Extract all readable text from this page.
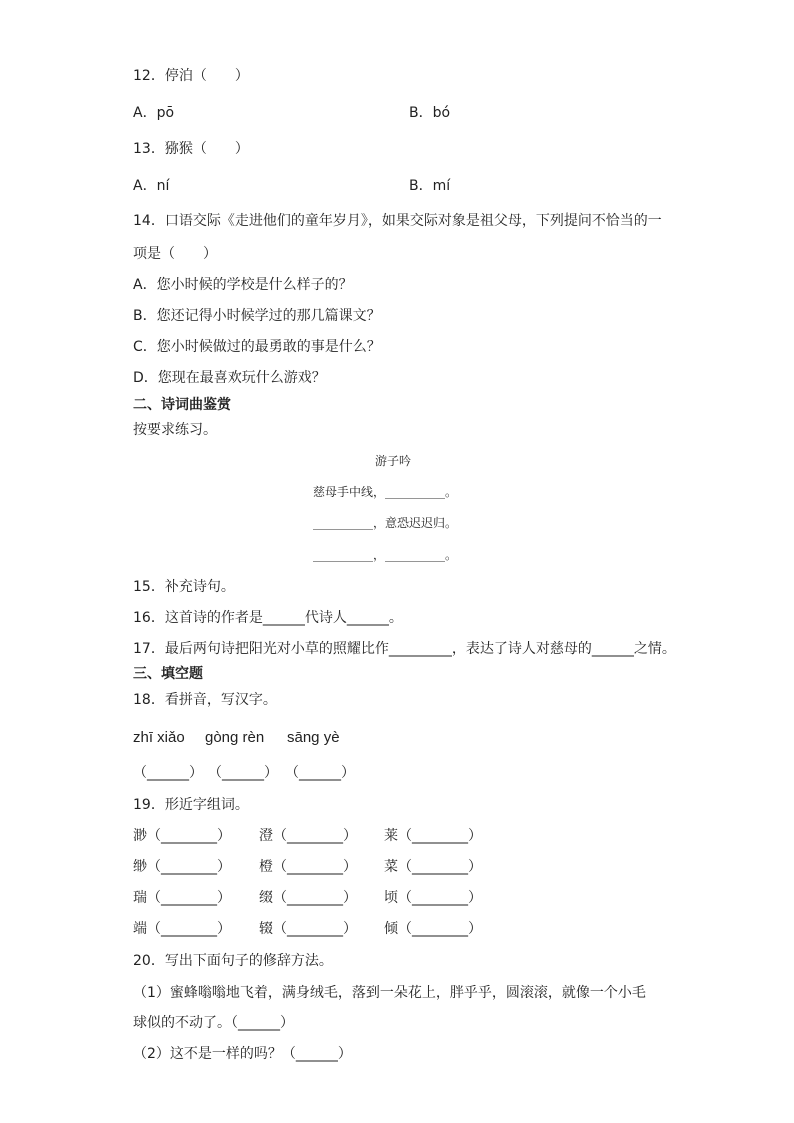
12．停泊（　　）
A．pō	B．bó
13．猕猴（　　）
A．ní	B．mí
14．口语交际《走进他们的童年岁月》，如果交际对象是祖父母，下列提问不恰当的一
项是（　　）
A．您小时候的学校是什么样子的？
B．您还记得小时候学过的那几篇课文？
C．您小时候做过的最勇敢的事是什么？
D．您现在最喜欢玩什么游戏？
二、诗词曲鉴赏
按要求练习。
游子吟
慈母手中线，__________。
__________，意恐迟迟归。
__________，__________。
15．补充诗句。
16．这首诗的作者是______代诗人______。
17．最后两句诗把阳光对小草的照耀比作_________，表达了诗人对慈母的______之情。
三、填空题
18．看拼音，写汉字。
zhī xiǎo gòng rèn sāng yè
（______） （______） （______）
19．形近字组词。
渺（________） 澄（________） 莱（________）
缈（________） 橙（________） 菜（________）
瑞（________） 缀（________） 顷（________）
端（________） 辍（________） 倾（________）
20．写出下面句子的修辞方法。
（1）蜜蜂嗡嗡地飞着，满身绒毛，落到一朵花上，胖乎乎，圆滚滚，就像一个小毛
球似的不动了。（______）
（2）这不是一样的吗？（______）
